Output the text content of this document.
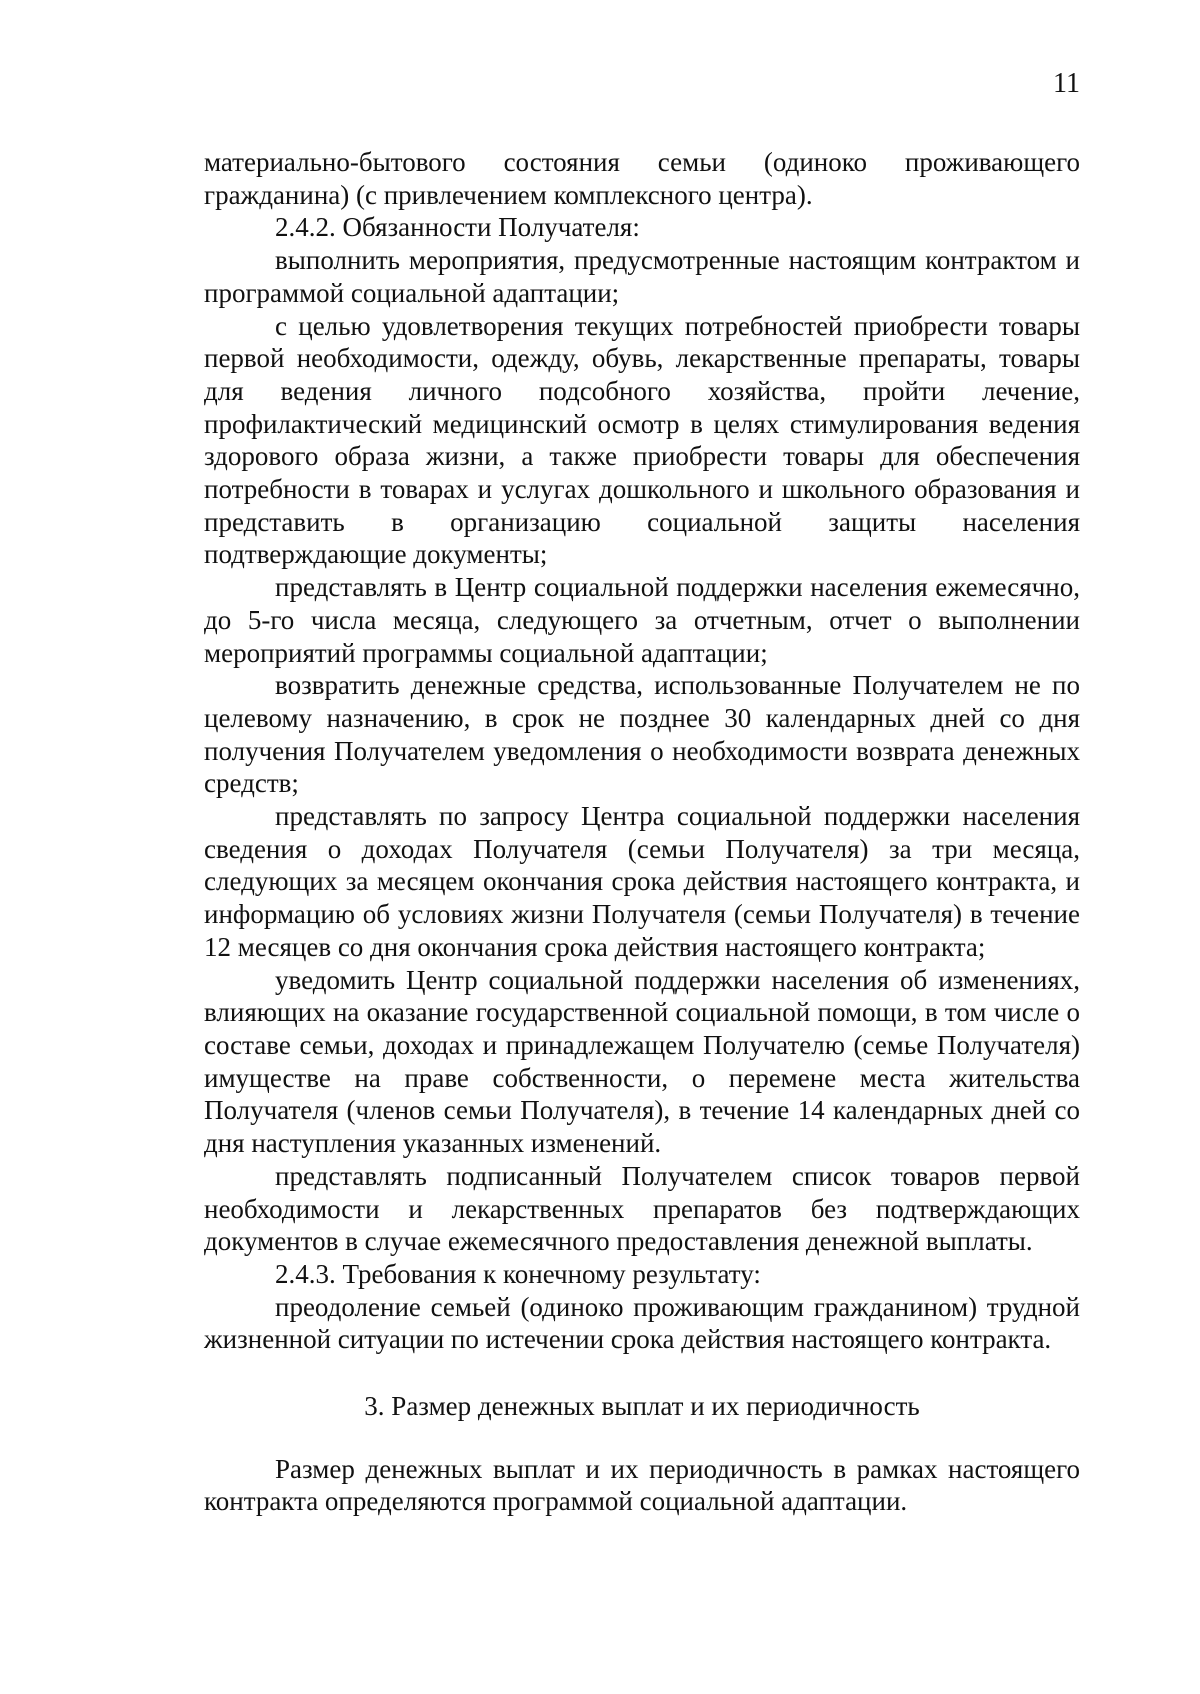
11

материально-бытового состояния семьи (одиноко проживающего гражданина) (с привлечением комплексного центра).

2.4.2. Обязанности Получателя:

выполнить мероприятия, предусмотренные настоящим контрактом и программой социальной адаптации;

с целью удовлетворения текущих потребностей приобрести товары первой необходимости, одежду, обувь, лекарственные препараты, товары для ведения личного подсобного хозяйства, пройти лечение, профилактический медицинский осмотр в целях стимулирования ведения здорового образа жизни, а также приобрести товары для обеспечения потребности в товарах и услугах дошкольного и школьного образования и представить в организацию социальной защиты населения подтверждающие документы;

представлять в Центр социальной поддержки населения ежемесячно, до 5-го числа месяца, следующего за отчетным, отчет о выполнении мероприятий программы социальной адаптации;

возвратить денежные средства, использованные Получателем не по целевому назначению, в срок не позднее 30 календарных дней со дня получения Получателем уведомления о необходимости возврата денежных средств;

представлять по запросу Центра социальной поддержки населения сведения о доходах Получателя (семьи Получателя) за три месяца, следующих за месяцем окончания срока действия настоящего контракта, и информацию об условиях жизни Получателя (семьи Получателя) в течение 12 месяцев со дня окончания срока действия настоящего контракта;

уведомить Центр социальной поддержки населения об изменениях, влияющих на оказание государственной социальной помощи, в том числе о составе семьи, доходах и принадлежащем Получателю (семье Получателя) имуществе на праве собственности, о перемене места жительства Получателя (членов семьи Получателя), в течение 14 календарных дней со дня наступления указанных изменений.

представлять подписанный Получателем список товаров первой необходимости и лекарственных препаратов без подтверждающих документов в случае ежемесячного предоставления денежной выплаты.

2.4.3. Требования к конечному результату:

преодоление семьей (одиноко проживающим гражданином) трудной жизненной ситуации по истечении срока действия настоящего контракта.

3. Размер денежных выплат и их периодичность

Размер денежных выплат и их периодичность в рамках настоящего контракта определяются программой социальной адаптации.
